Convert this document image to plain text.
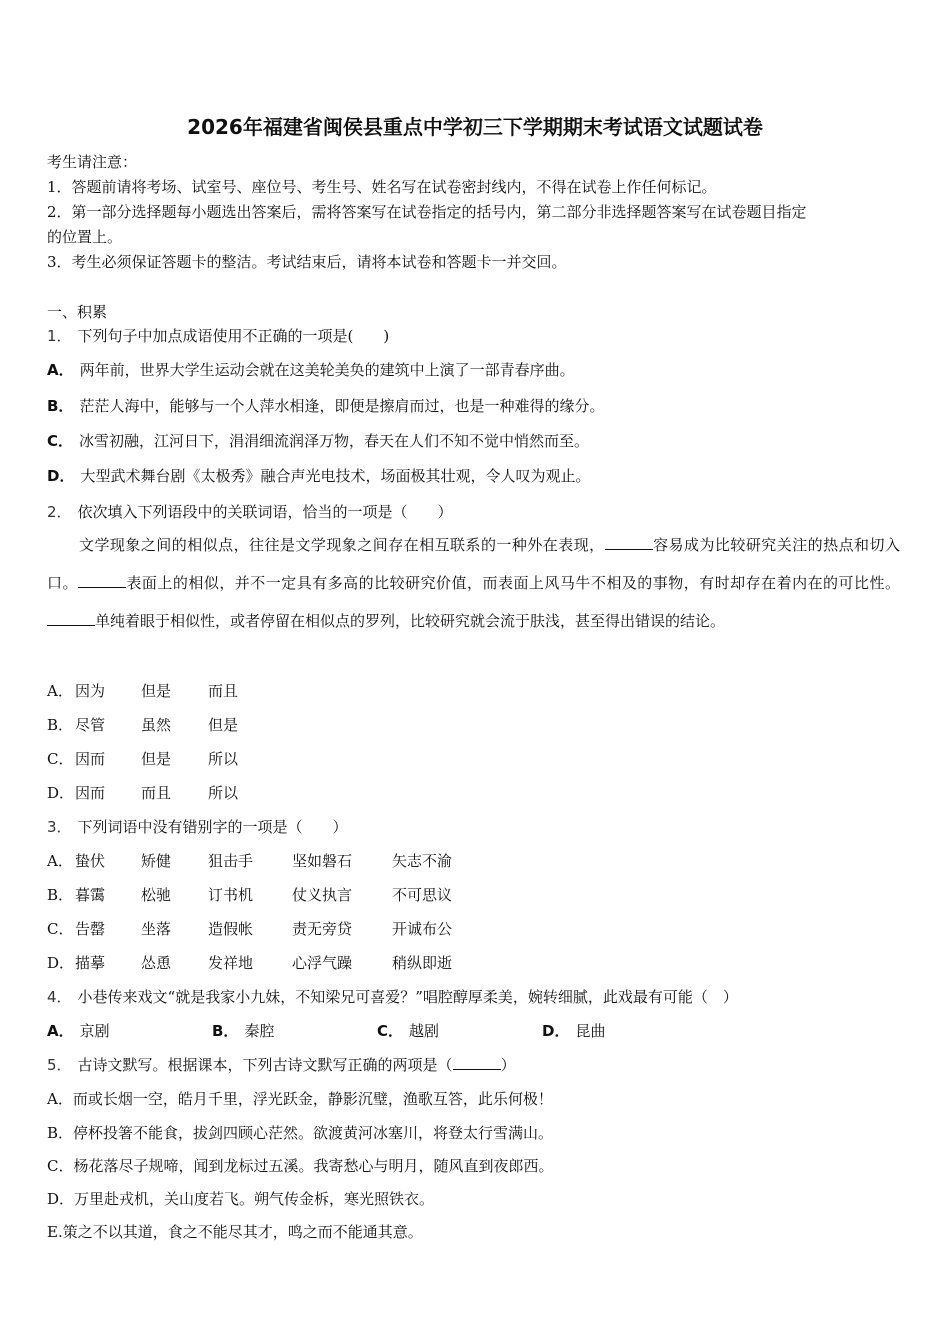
2026年福建省闽侯县重点中学初三下学期期末考试语文试题试卷
考生请注意：
1．答题前请将考场、试室号、座位号、考生号、姓名写在试卷密封线内，不得在试卷上作任何标记。
2．第一部分选择题每小题选出答案后，需将答案写在试卷指定的括号内，第二部分非选择题答案写在试卷题目指定
的位置上。
3．考生必须保证答题卡的整洁。考试结束后，请将本试卷和答题卡一并交回。
一、积累
1． 下列句子中加点成语使用不正确的一项是(　　)
A． 两年前，世界大学生运动会就在这美轮美奂的建筑中上演了一部青春序曲。
B． 茫茫人海中，能够与一个人萍水相逢，即便是擦肩而过，也是一种难得的缘分。
C． 冰雪初融，江河日下，涓涓细流润泽万物，春天在人们不知不觉中悄然而至。
D． 大型武术舞台剧《太极秀》融合声光电技术，场面极其壮观，令人叹为观止。
2． 依次填入下列语段中的关联词语，恰当的一项是（　　）
文学现象之间的相似点，往往是文学现象之间存在相互联系的一种外在表现，	容易成为比较研究关注的热点和切入口。	表面上的相似，并不一定具有多高的比较研究价值，而表面上风马牛不相及的事物，有时却存在着内在的可比性。单纯着眼于相似性，或者停留在相似点的罗列，比较研究就会流于肤浅，甚至得出错误的结论。
A． 因为 但是 而且
B． 尽管 虽然 但是
C． 因而 但是 所以
D． 因而 而且 所以
3． 下列词语中没有错别字的一项是（　　）
A． 蛰伏 矫健 狙击手	坚如磐石	矢志不渝
B． 暮霭 松驰 订书机	仗义执言	不可思议
C． 告罄 坐落 造假帐	责无旁贷	开诚布公
D． 描摹 怂恿 发祥地	心浮气躁	稍纵即逝
4． 小巷传来戏文“就是我家小九妹，不知梁兄可喜爱？”唱腔醇厚柔美，婉转细腻，此戏最有可能（　）
A． 京剧	B． 秦腔	C． 越剧	D． 昆曲
5． 古诗文默写。根据课本，下列古诗文默写正确的两项是（	）
A．而或长烟一空，皓月千里，浮光跃金，静影沉璧，渔歌互答，此乐何极！
B．停杯投箸不能食，拔剑四顾心茫然。欲渡黄河冰塞川，将登太行雪满山。
C．杨花落尽子规啼，闻到龙标过五溪。我寄愁心与明月，随风直到夜郎西。
D．万里赴戎机，关山度若飞。朔气传金柝，寒光照铁衣。
E.策之不以其道，食之不能尽其才，鸣之而不能通其意。
